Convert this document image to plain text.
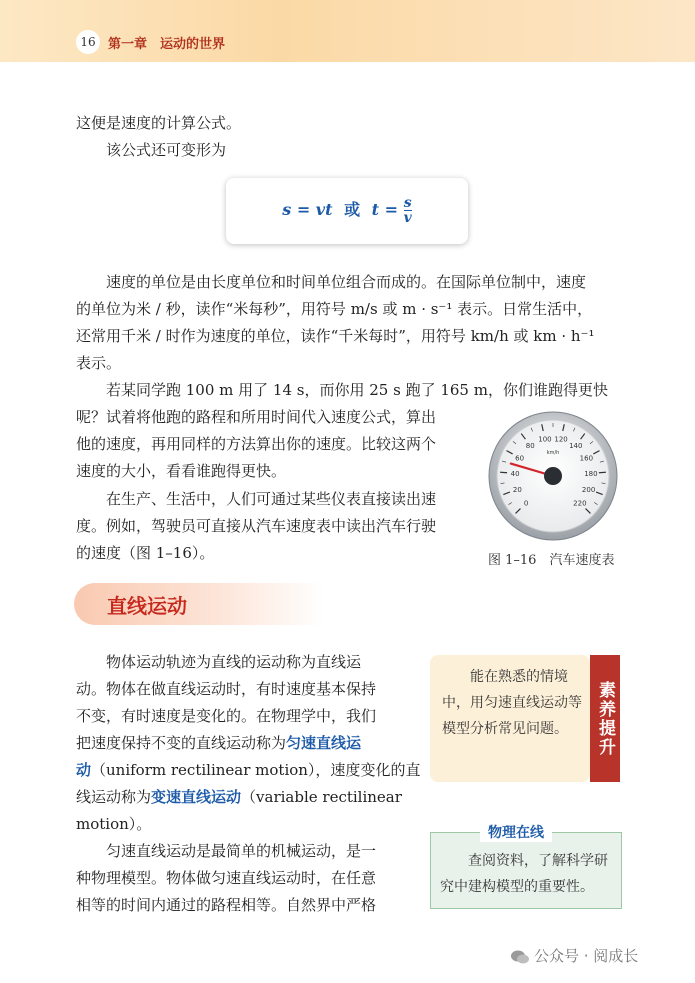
16 第一章　运动的世界

这便是速度的计算公式。

该公式还可变形为

s = vt 或 $t = \frac{s}{v}$

速度的单位是由长度单位和时间单位组合而成的。在国际单位制中，速度

的单位为米 / 秒，读作“米每秒”，用符号 m/s 或 m · s⁻¹ 表示。日常生活中，

还常用千米 / 时作为速度的单位，读作“千米每时”，用符号 km/h 或 km · h⁻¹

表示。

若某同学跑 100 m 用了 14 s，而你用 25 s 跑了 165 m，你们谁跑得更快

呢？试着将他跑的路程和所用时间代入速度公式，算出

他的速度，再用同样的方法算出你的速度。比较这两个

速度的大小，看看谁跑得更快。

在生产、生活中，人们可通过某些仪表直接读出速

度。例如，驾驶员可直接从汽车速度表中读出汽车行驶

的速度（图 1–16）。

0
20
40
60
80
100 120
140
160
180
200
220
km/h
图 1–16　汽车速度表
直线运动

物体运动轨迹为直线的运动称为直线运

动。物体在做直线运动时，有时速度基本保持

不变，有时速度是变化的。在物理学中，我们

把速度保持不变的直线运动称为匀速直线运

动（uniform rectilinear motion），速度变化的直

线运动称为变速直线运动（variable rectilinear

motion）。

匀速直线运动是最简单的机械运动，是一

种物理模型。物体做匀速直线运动时，在任意

相等的时间内通过的路程相等。自然界中严格

能在熟悉的情境中，用匀速直线运动等模型分析常见问题。	素养提升
物理在线
查阅资料，了解科学研究中建构模型的重要性。
公众号 · 阅成长
